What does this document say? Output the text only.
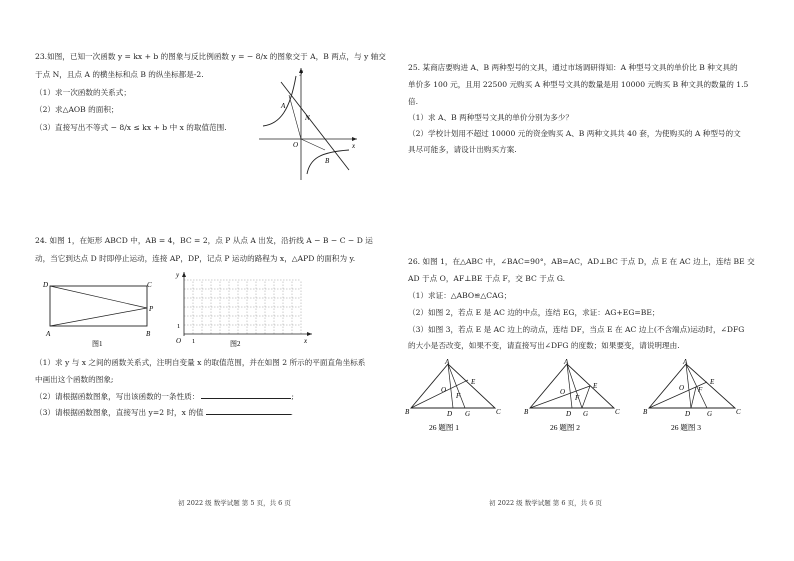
23.如图，已知一次函数 y = kx + b 的图象与反比例函数 y = − 8/x 的图象交于 A，B 两点，与 y 轴交
于点 N，且点 A 的横坐标和点 B 的纵坐标都是-2.
（1）求一次函数的关系式；
（2）求△AOB 的面积；
（3）直接写出不等式 − 8/x ≤ kx + b 中 x 的取值范围.
y
x
A
N
O
B
24. 如图 1，在矩形 ABCD 中，AB = 4，BC = 2，点 P 从点 A 出发，沿折线 A − B − C − D 运
动，当它到达点 D 时即停止运动，连接 AP，DP，记点 P 运动的路程为 x，△APD 的面积为 y.
D	C
A	B
P
图1
y
x
O 1
1
图2
（1）求 y 与 x 之间的函数关系式，注明自变量 x 的取值范围，并在如图 2 所示的平面直角坐标系
中画出这个函数的图象;
（2）请根据函数图象，写出该函数的一条性质：	;
（3）请根据函数图象，直接写出 y=2 时，x 的值	.
初 2022 级 数学试题 第 5 页，共 6 页
25. 某商店要购进 A、B 两种型号的文具，通过市场调研得知：A 种型号文具的单价比 B 种文具的
单价多 100 元，且用 22500 元购买 A 种型号文具的数量是用 10000 元购买 B 种文具的数量的 1.5
倍.
（1）求 A、B 两种型号文具的单价分别为多少？
（2）学校计划用不超过 10000 元的资金购买 A、B 两种文具共 40 套，为使购买的 A 种型号的文
具尽可能多，请设计出购买方案.
26. 如图 1，在△ABC 中，∠BAC=90°，AB=AC，AD⊥BC 于点 D，点 E 在 AC 边上，连结 BE 交
AD 于点 O，AF⊥BE 于点 F，交 BC 于点 G.
（1）求证：△ABO≌△CAG；
（2）如图 2，若点 E 是 AC 边的中点，连结 EG，求证：AG+EG=BE；
（3）如图 3，若点 E 是 AC 边上的动点，连结 DF，当点 E 在 AC 边上(不含端点)运动时，∠DFG
的大小是否改变，如果不变，请直接写出∠DFG 的度数；如果要变，请说明理由.
A
B	C
D
E
F
G
O
26 题图 1
A
B	C
D
E
F
G
O
26 题图 2
A
B	C
D
E
F
G
O
26 题图 3
初 2022 级 数学试题 第 6 页，共 6 页
